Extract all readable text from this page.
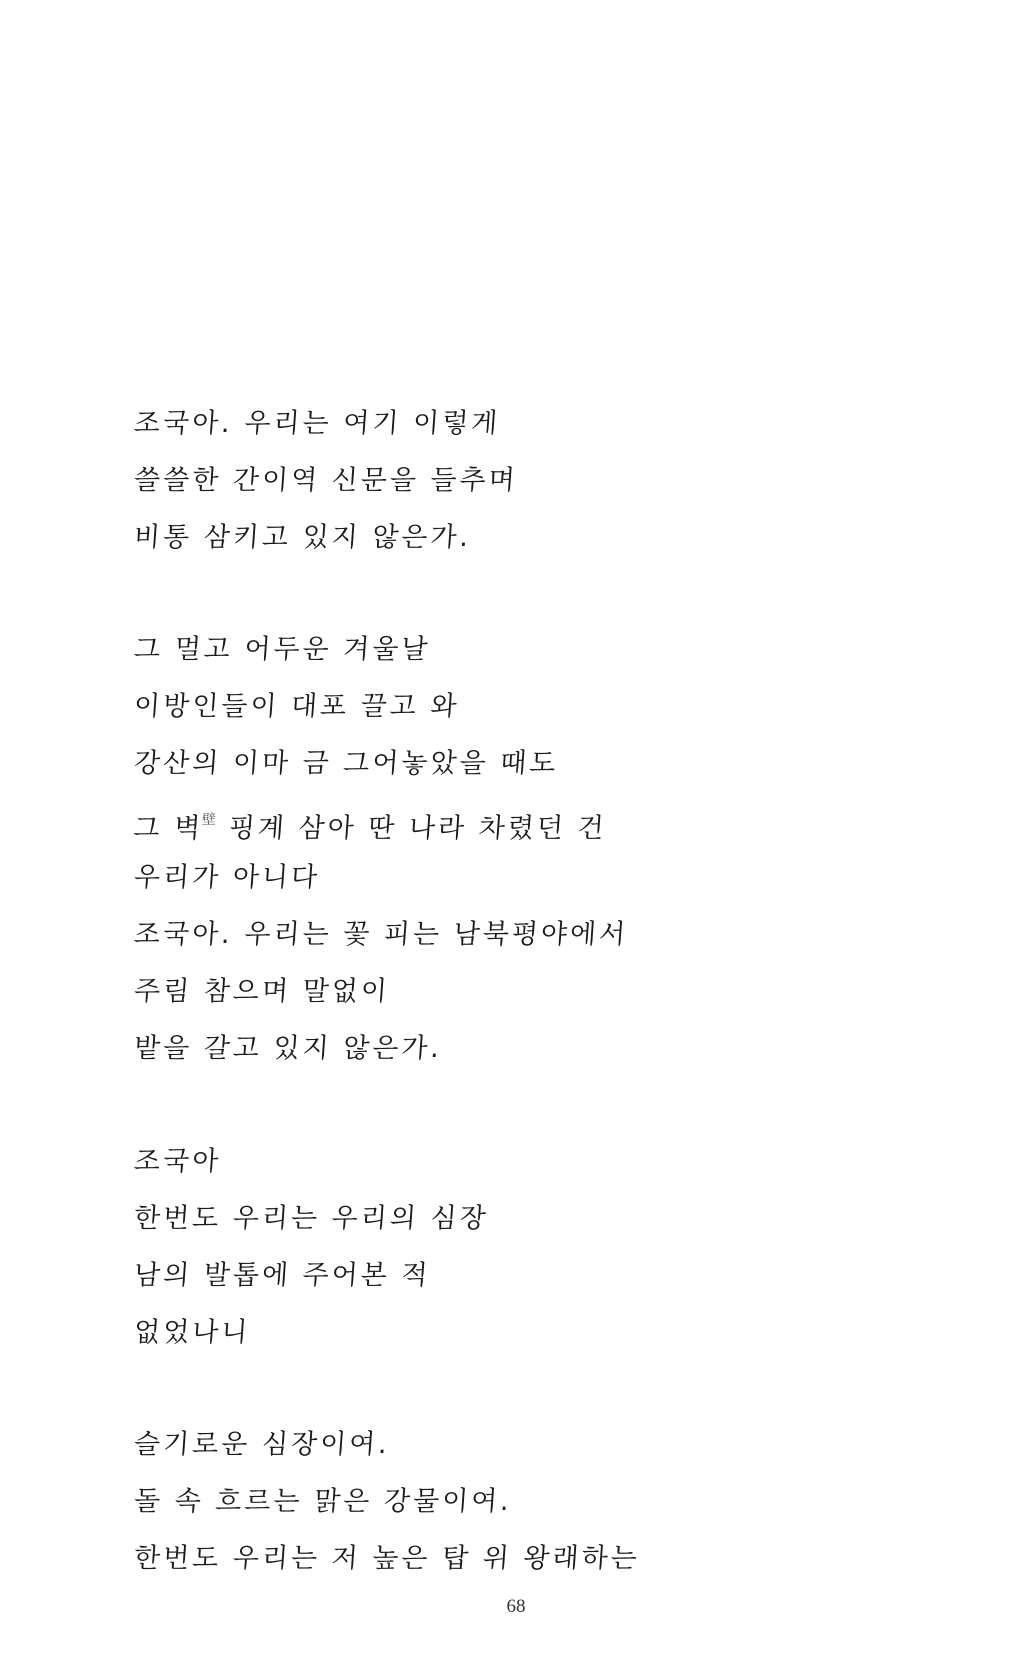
조국아. 우리는 여기 이렇게
쓸쓸한 간이역 신문을 들추며
비통 삼키고 있지 않은가.
그 멀고 어두운 겨울날
이방인들이 대포 끌고 와
강산의 이마 금 그어놓았을 때도
그 벽$^壁$ 핑계 삼아 딴 나라 차렸던 건
우리가 아니다
조국아. 우리는 꽃 피는 남북평야에서
주림 참으며 말없이
밭을 갈고 있지 않은가.
조국아
한번도 우리는 우리의 심장
남의 발톱에 주어본 적
없었나니
슬기로운 심장이여.
돌 속 흐르는 맑은 강물이여.
한번도 우리는 저 높은 탑 위 왕래하는
68
